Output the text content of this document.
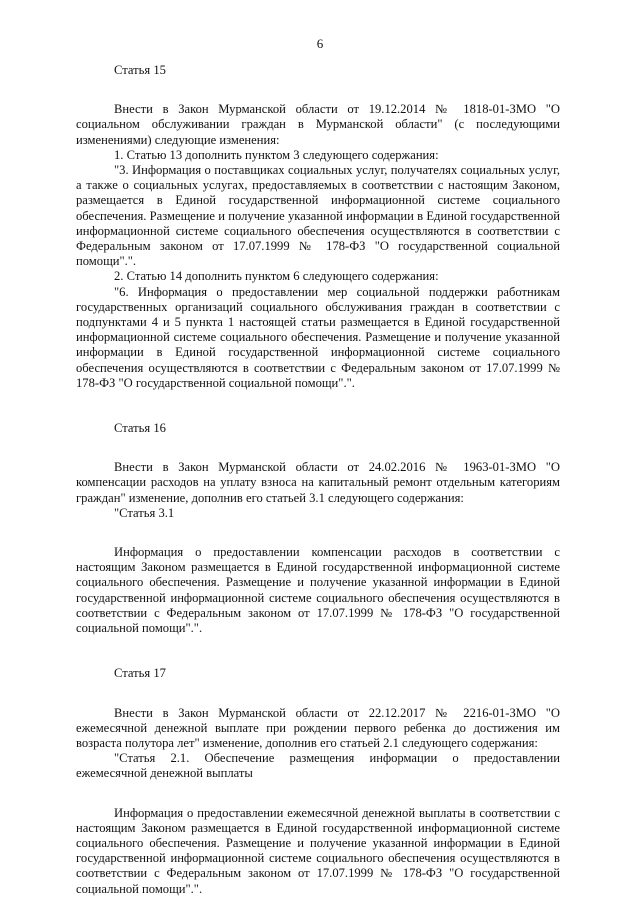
6

Статья 15

Внести в Закон Мурманской области от 19.12.2014 № 1818-01-ЗМО "О социальном обслуживании граждан в Мурманской области" (с последующими изменениями) следующие изменения:

1. Статью 13 дополнить пунктом 3 следующего содержания:

"3. Информация о поставщиках социальных услуг, получателях социальных услуг, а также о социальных услугах, предоставляемых в соответствии с настоящим Законом, размещается в Единой государственной информационной системе социального обеспечения. Размещение и получение указанной информации в Единой государственной информационной системе социального обеспечения осуществляются в соответствии с Федеральным законом от 17.07.1999 № 178-ФЗ "О государственной социальной помощи".".

2. Статью 14 дополнить пунктом 6 следующего содержания:

"6. Информация о предоставлении мер социальной поддержки работникам государственных организаций социального обслуживания граждан в соответствии с подпунктами 4 и 5 пункта 1 настоящей статьи размещается в Единой государственной информационной системе социального обеспечения. Размещение и получение указанной информации в Единой государственной информационной системе социального обеспечения осуществляются в соответствии с Федеральным законом от 17.07.1999 № 178-ФЗ "О государственной социальной помощи".".

Статья 16

Внести в Закон Мурманской области от 24.02.2016 № 1963-01-ЗМО "О компенсации расходов на уплату взноса на капитальный ремонт отдельным категориям граждан" изменение, дополнив его статьей 3.1 следующего содержания:

"Статья 3.1

Информация о предоставлении компенсации расходов в соответствии с настоящим Законом размещается в Единой государственной информационной системе социального обеспечения. Размещение и получение указанной информации в Единой государственной информационной системе социального обеспечения осуществляются в соответствии с Федеральным законом от 17.07.1999 № 178-ФЗ "О государственной социальной помощи".".

Статья 17

Внести в Закон Мурманской области от 22.12.2017 № 2216-01-ЗМО "О ежемесячной денежной выплате при рождении первого ребенка до достижения им возраста полутора лет" изменение, дополнив его статьей 2.1 следующего содержания:

"Статья 2.1. Обеспечение размещения информации о предоставлении ежемесячной денежной выплаты

Информация о предоставлении ежемесячной денежной выплаты в соответствии с настоящим Законом размещается в Единой государственной информационной системе социального обеспечения. Размещение и получение указанной информации в Единой государственной информационной системе социального обеспечения осуществляются в соответствии с Федеральным законом от 17.07.1999 № 178-ФЗ "О государственной социальной помощи".".
